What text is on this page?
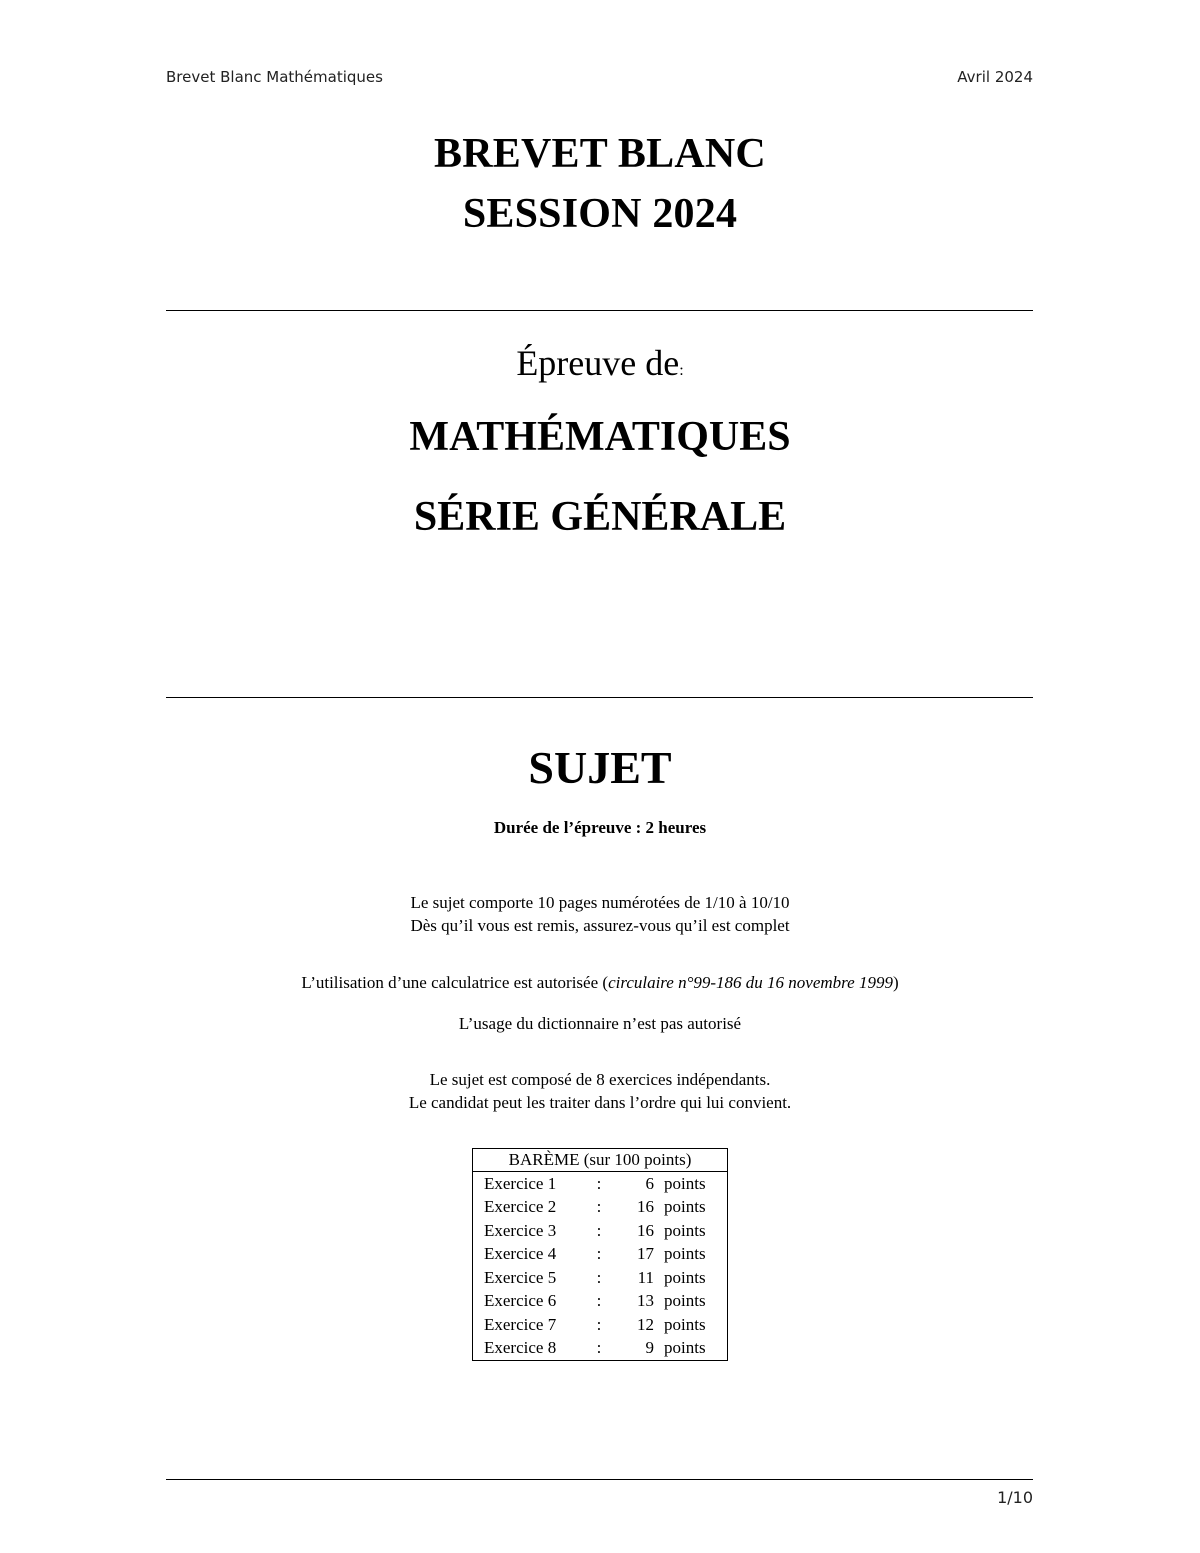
Brevet Blanc Mathématiques	Avril 2024
BREVET BLANC
SESSION 2024
Épreuve de:
MATHÉMATIQUES
SÉRIE GÉNÉRALE
SUJET
Durée de l’épreuve : 2 heures
Le sujet comporte 10 pages numérotées de 1/10 à 10/10
Dès qu’il vous est remis, assurez-vous qu’il est complet
L’utilisation d’une calculatrice est autorisée (circulaire n°99-186 du 16 novembre 1999)
L’usage du dictionnaire n’est pas autorisé
Le sujet est composé de 8 exercices indépendants.
Le candidat peut les traiter dans l’ordre qui lui convient.
BARÈME (sur 100 points)			
Exercice 1	:	6	points
Exercice 2	:	16	points
Exercice 3	:	16	points
Exercice 4	:	17	points
Exercice 5	:	11	points
Exercice 6	:	13	points
Exercice 7	:	12	points
Exercice 8	:	9	points
1/10
